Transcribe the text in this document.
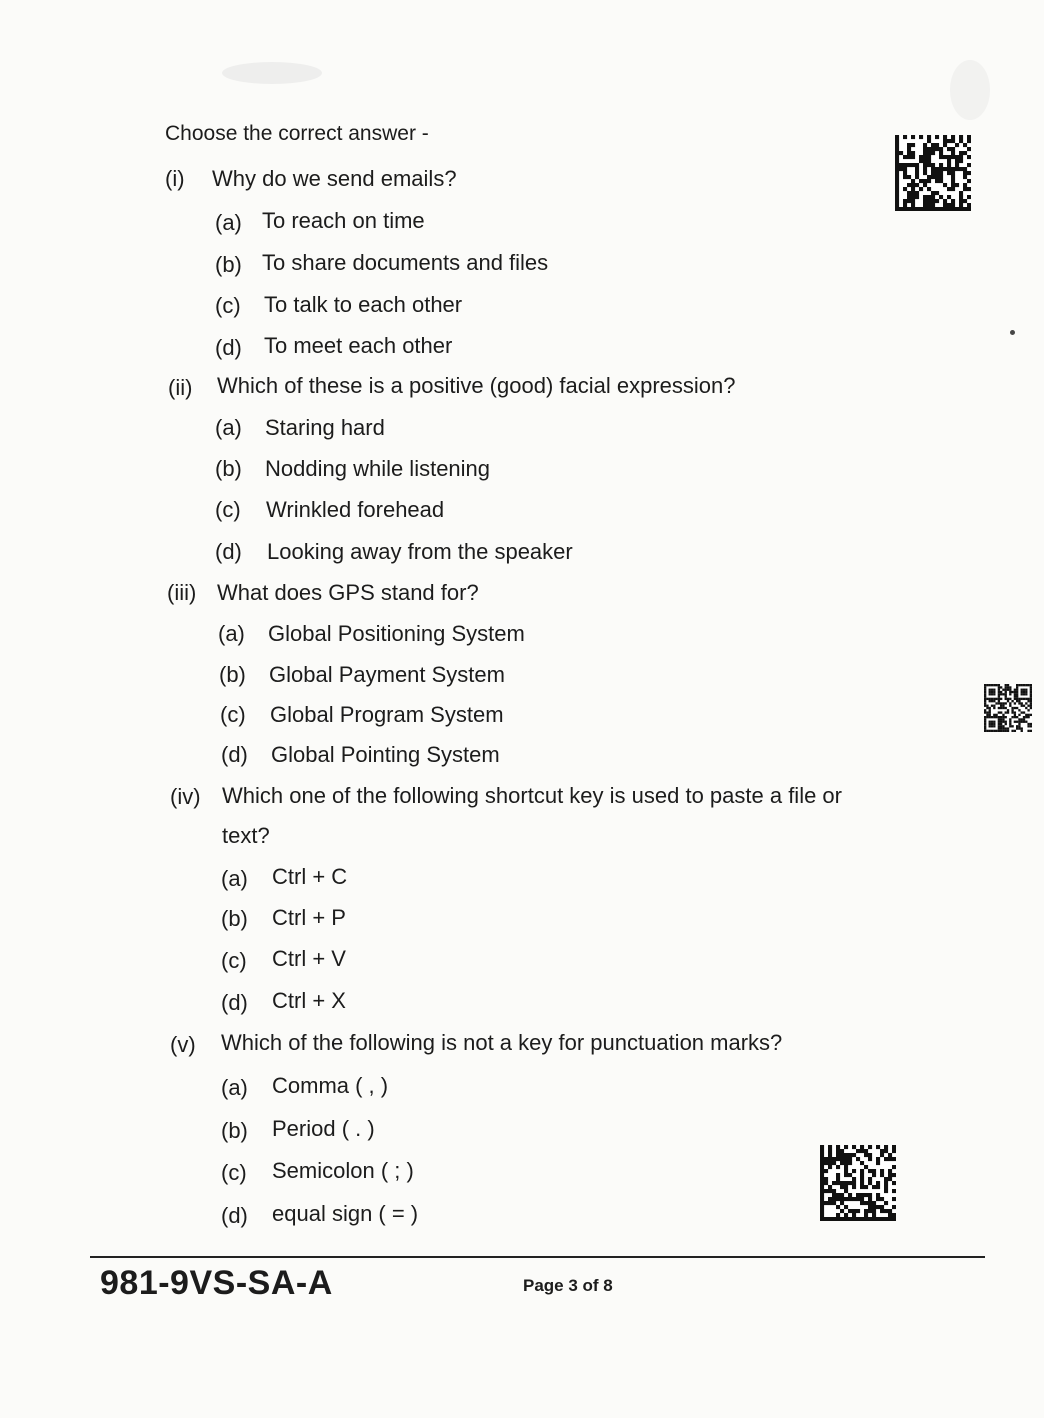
Choose the correct answer -
(i) Why do we send emails?
(a) To reach on time
(b) To share documents and files
(c) To talk to each other
(d) To meet each other
(ii) Which of these is a positive (good) facial expression?
(a) Staring hard
(b) Nodding while listening
(c) Wrinkled forehead
(d) Looking away from the speaker
(iii) What does GPS stand for?
(a) Global Positioning System
(b) Global Payment System
(c) Global Program System
(d) Global Pointing System
(iv) Which one of the following shortcut key is used to paste a file or
text?
(a) Ctrl + C
(b) Ctrl + P
(c) Ctrl + V
(d) Ctrl + X
(v) Which of the following is not a key for punctuation marks?
(a) Comma ( , )
(b) Period ( . )
(c) Semicolon ( ; )
(d) equal sign ( = )
981-9VS-SA-A	Page 3 of 8
